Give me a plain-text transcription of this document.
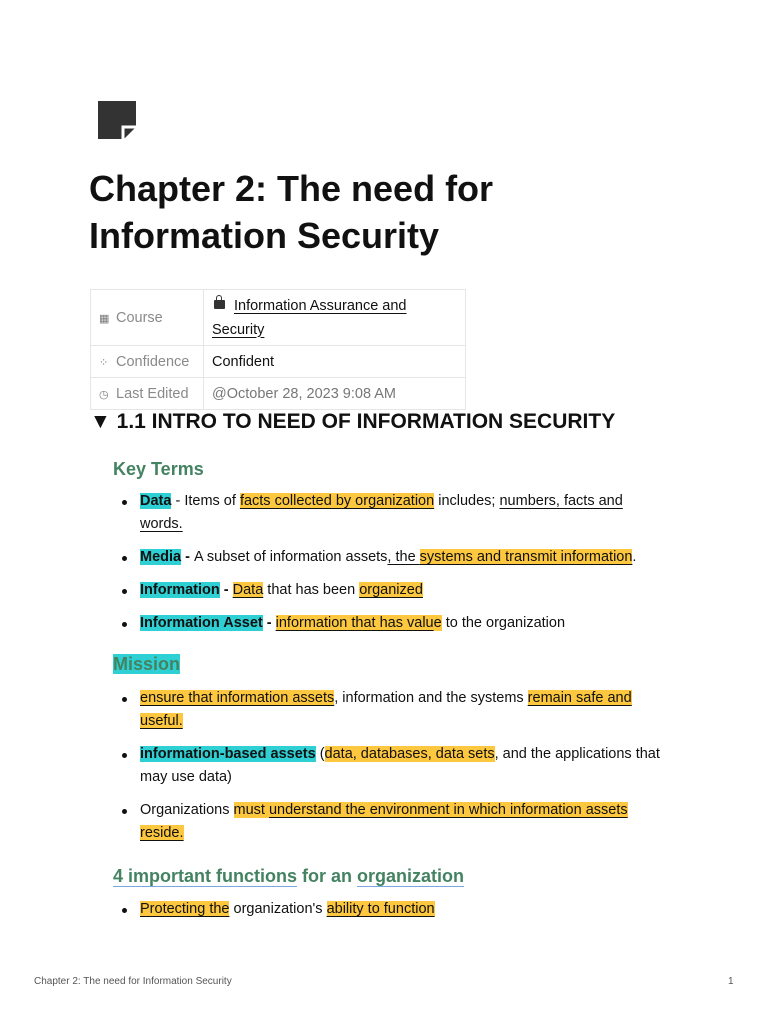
Chapter 2: The need for
Information Security
▦ Course	Information Assurance and Security
⁘ Confidence	Confident
◷ Last Edited	@October 28, 2023 9:08 AM
▼ 1.1 INTRO TO NEED OF INFORMATION SECURITY
Key Terms
Data - Items of facts collected by organization includes; numbers, facts and words.
Media - A subset of information assets, the systems and transmit information.
Information - Data that has been organized
Information Asset - information that has value to the organization
Mission
ensure that information assets, information and the systems remain safe and useful.
information-based assets (data, databases, data sets, and the applications that may use data)
Organizations must understand the environment in which information assets reside.
4 important functions for an organization
Protecting the organization's ability to function
Chapter 2: The need for Information Security	1
